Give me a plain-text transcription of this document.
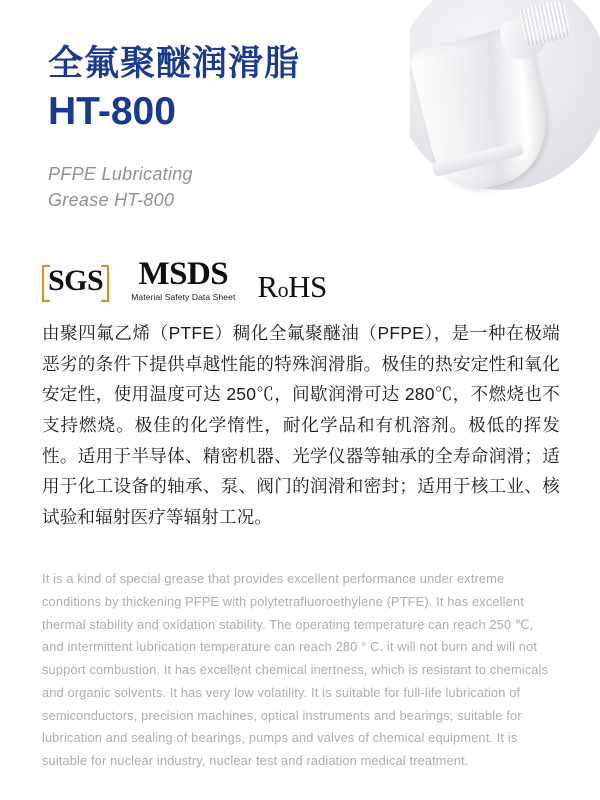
全氟聚醚润滑脂
HT-800
PFPE Lubricating
Grease HT-800
SGS MSDS
Material Safety Data Sheet RoHS
由聚四氟乙烯（PTFE）稠化全氟聚醚油（PFPE），是一种在极端恶劣的条件下提供卓越性能的特殊润滑脂。极佳的热安定性和氧化安定性，使用温度可达 250℃，间歇润滑可达 280℃，不燃烧也不支持燃烧。极佳的化学惰性，耐化学品和有机溶剂。极低的挥发性。适用于半导体、精密机器、光学仪器等轴承的全寿命润滑；适用于化工设备的轴承、泵、阀门的润滑和密封；适用于核工业、核试验和辐射医疗等辐射工况。
It is a kind of special grease that provides excellent performance under extreme conditions by thickening PFPE with polytetrafluoroethylene (PTFE). It has excellent thermal stability and oxidation stability. The operating temperature can reach 250 ℃, and intermittent lubrication temperature can reach 280 ° C. it will not burn and will not support combustion. It has excellent chemical inertness, which is resistant to chemicals and organic solvents. It has very low volatility. It is suitable for full-life lubrication of semiconductors, precision machines, optical instruments and bearings; suitable for lubrication and sealing of bearings, pumps and valves of chemical equipment. It is suitable for nuclear industry, nuclear test and radiation medical treatment.
